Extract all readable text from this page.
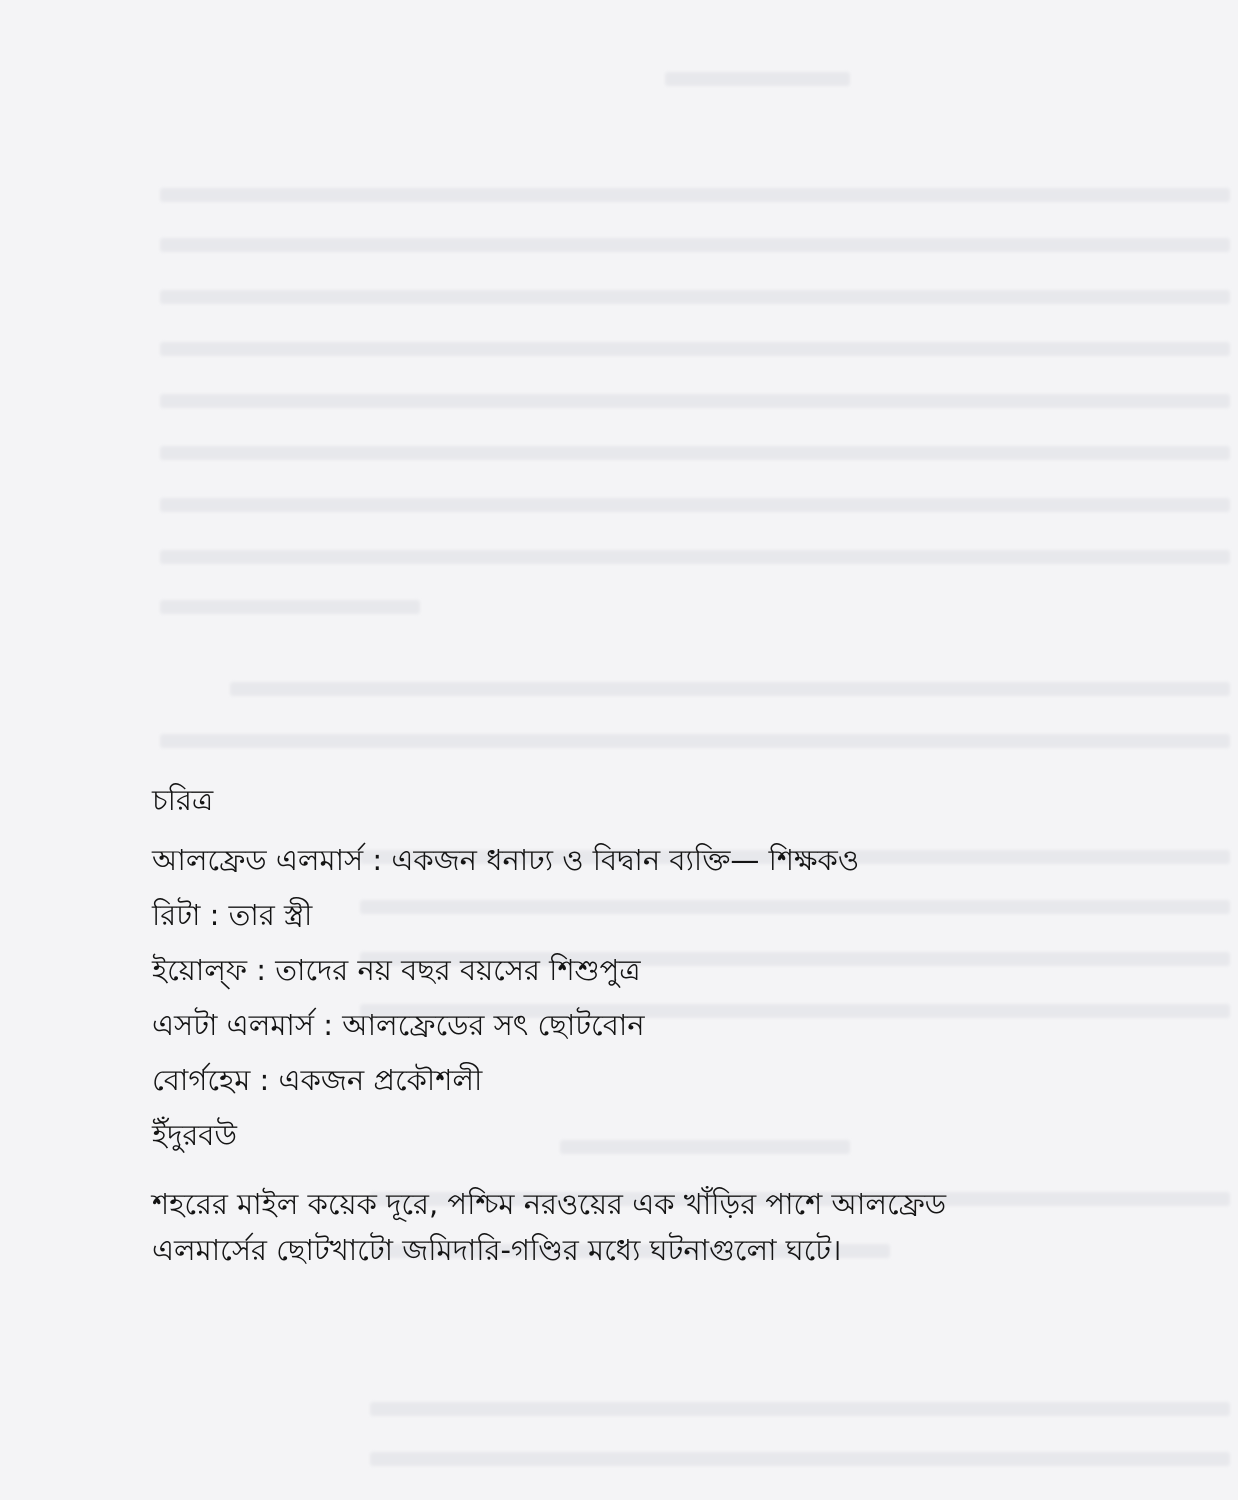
চরিত্র
আলফ্রেড এলমার্স : একজন ধনাঢ্য ও বিদ্বান ব্যক্তি— শিক্ষকও
রিটা : তার স্ত্রী
ইয়োল্‌ফ : তাদের নয় বছর বয়সের শিশুপুত্র
এসটা এলমার্স : আলফ্রেডের সৎ ছোটবোন
বোর্গহেম : একজন প্রকৌশলী
ইঁদুরবউ

শহরের মাইল কয়েক দূরে, পশ্চিম নরওয়ের এক খাঁড়ির পাশে আলফ্রেড
এলমার্সের ছোটখাটো জমিদারি-গণ্ডির মধ্যে ঘটনাগুলো ঘটে।
